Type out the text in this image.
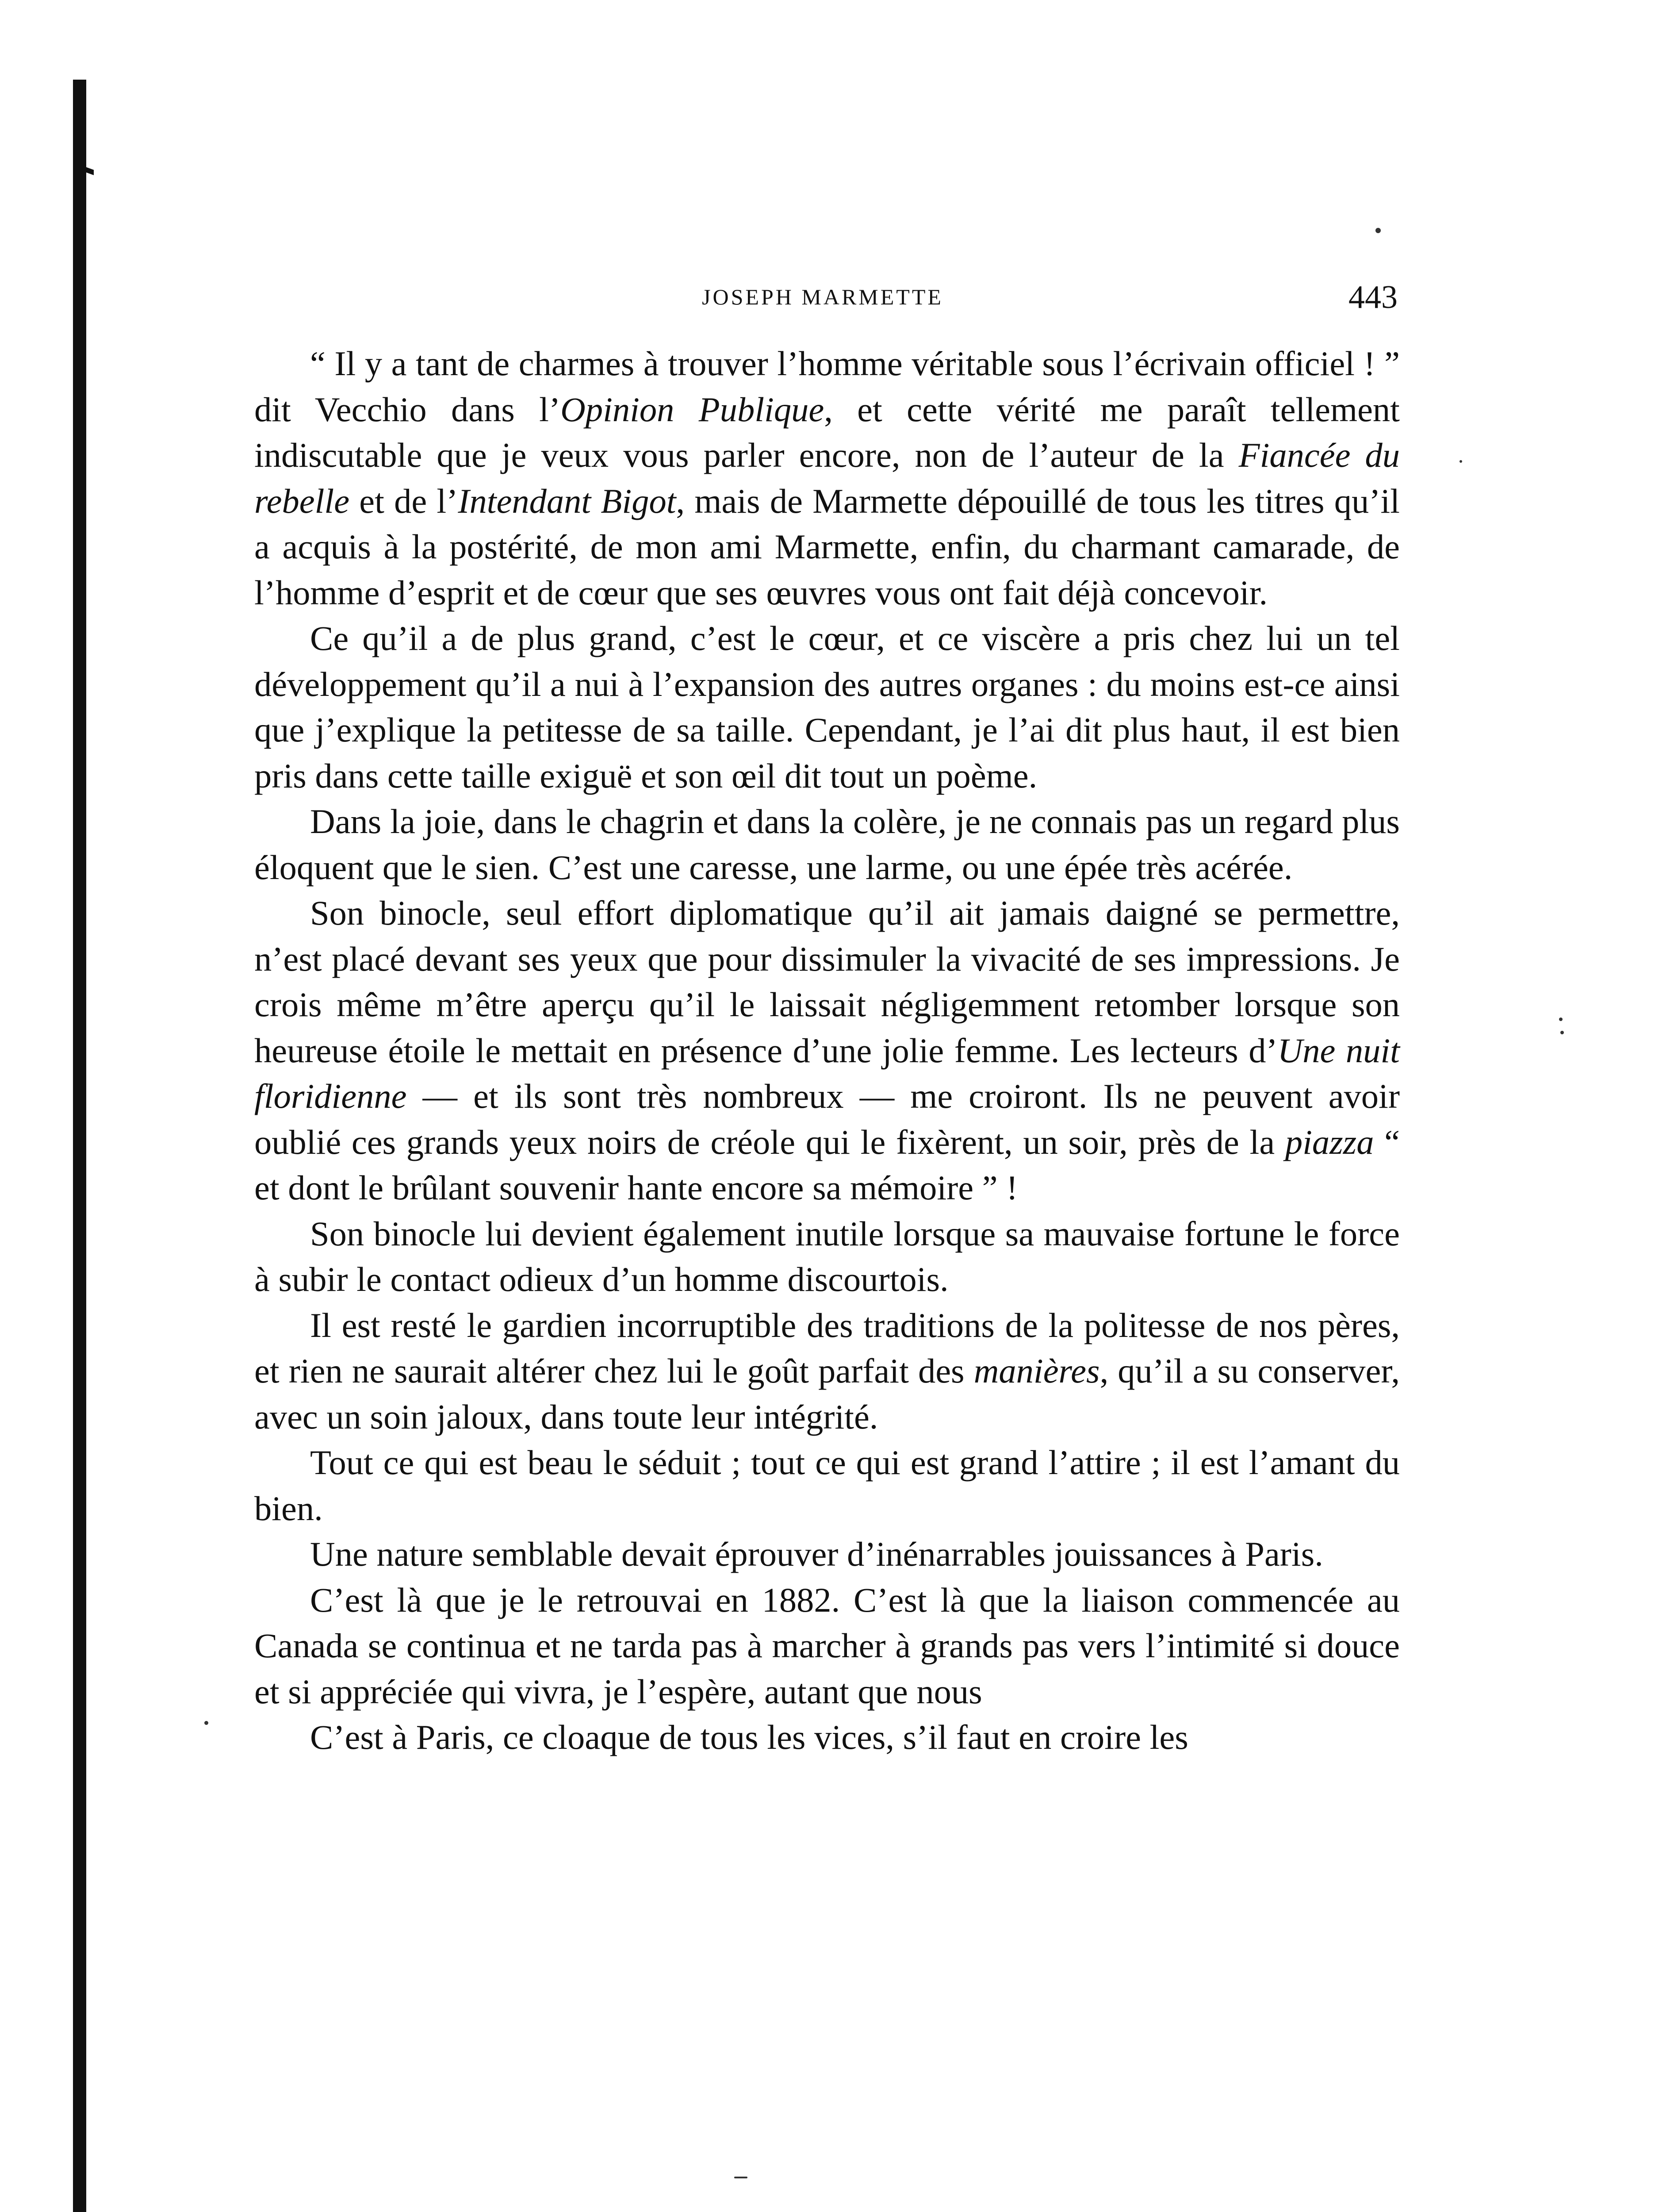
JOSEPH MARMETTE	443

“ Il y a tant de charmes à trouver l’homme véritable sous l’écrivain officiel ! ” dit Vecchio dans l’Opinion Publique, et cette vérité me paraît tellement indiscutable que je veux vous parler encore, non de l’auteur de la Fiancée du rebelle et de l’Intendant Bigot, mais de Marmette dépouillé de tous les titres qu’il a acquis à la postérité, de mon ami Marmette, enfin, du charmant camarade, de l’homme d’esprit et de cœur que ses œuvres vous ont fait déjà concevoir.

Ce qu’il a de plus grand, c’est le cœur, et ce viscère a pris chez lui un tel développement qu’il a nui à l’expansion des autres organes : du moins est-ce ainsi que j’explique la petitesse de sa taille. Cependant, je l’ai dit plus haut, il est bien pris dans cette taille exiguë et son œil dit tout un poème.

Dans la joie, dans le chagrin et dans la colère, je ne connais pas un regard plus éloquent que le sien. C’est une caresse, une larme, ou une épée très acérée.

Son binocle, seul effort diplomatique qu’il ait jamais daigné se permettre, n’est placé devant ses yeux que pour dissimuler la vivacité de ses impressions. Je crois même m’être aperçu qu’il le laissait négligemment retomber lorsque son heureuse étoile le mettait en présence d’une jolie femme. Les lecteurs d’Une nuit floridienne — et ils sont très nombreux — me croiront. Ils ne peuvent avoir oublié ces grands yeux noirs de créole qui le fixèrent, un soir, près de la piazza “ et dont le brûlant souvenir hante encore sa mémoire ” !

Son binocle lui devient également inutile lorsque sa mauvaise fortune le force à subir le contact odieux d’un homme discourtois.

Il est resté le gardien incorruptible des traditions de la politesse de nos pères, et rien ne saurait altérer chez lui le goût parfait des manières, qu’il a su conserver, avec un soin jaloux, dans toute leur intégrité.

Tout ce qui est beau le séduit ; tout ce qui est grand l’attire ; il est l’amant du bien.

Une nature semblable devait éprouver d’inénarrables jouissances à Paris.

C’est là que je le retrouvai en 1882. C’est là que la liaison commencée au Canada se continua et ne tarda pas à marcher à grands pas vers l’intimité si douce et si appréciée qui vivra, je l’espère, autant que nous

C’est à Paris, ce cloaque de tous les vices, s’il faut en croire les
